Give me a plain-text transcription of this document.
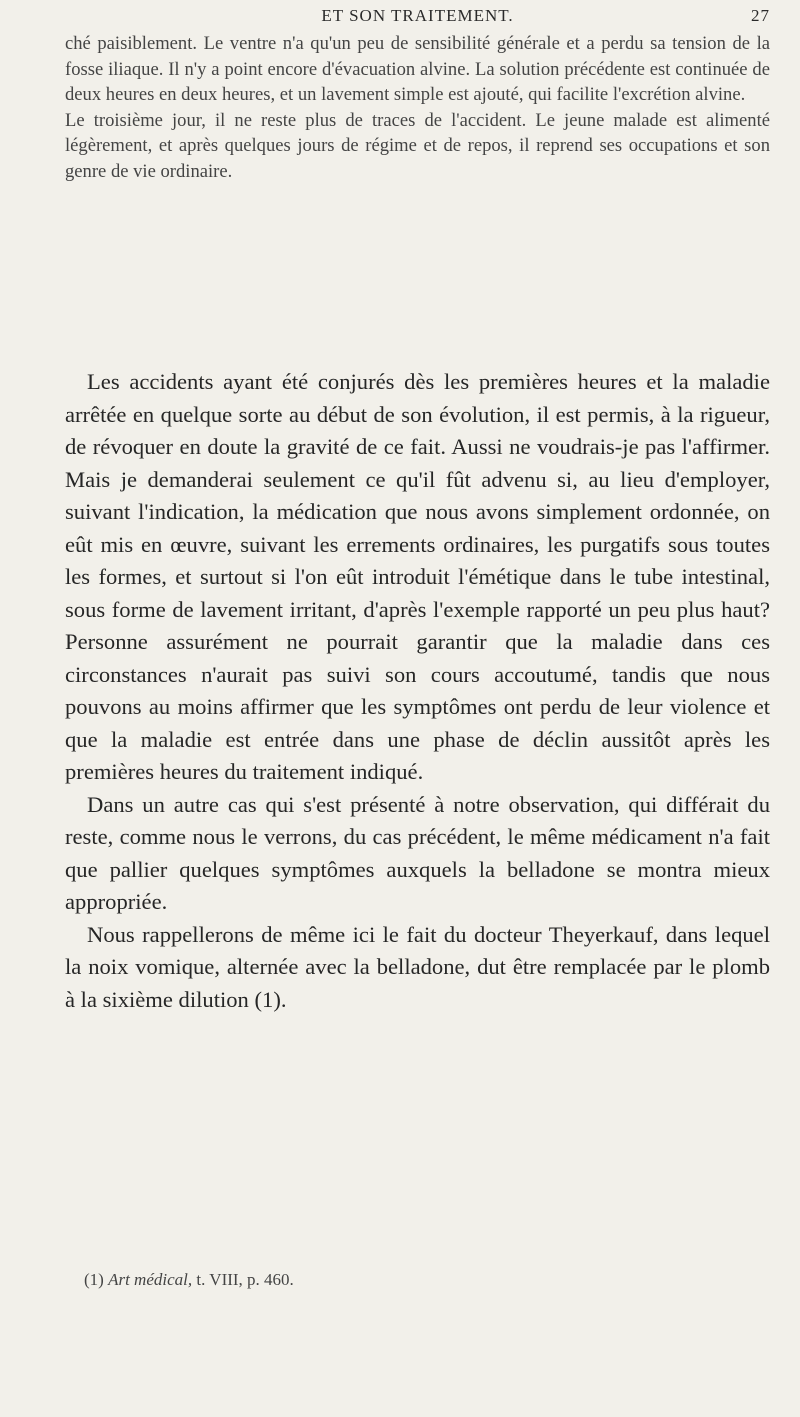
ET SON TRAITEMENT.	27

ché paisiblement. Le ventre n'a qu'un peu de sensibilité générale et a perdu sa tension de la fosse iliaque. Il n'y a point encore d'évacuation alvine. La solution précédente est continuée de deux heures en deux heures, et un lavement simple est ajouté, qui facilite l'excrétion alvine.

Le troisième jour, il ne reste plus de traces de l'accident. Le jeune malade est alimenté légèrement, et après quelques jours de régime et de repos, il reprend ses occupations et son genre de vie ordinaire.

Les accidents ayant été conjurés dès les premières heures et la maladie arrêtée en quelque sorte au début de son évolution, il est permis, à la rigueur, de révoquer en doute la gravité de ce fait. Aussi ne voudrais-je pas l'affirmer. Mais je demanderai seulement ce qu'il fût advenu si, au lieu d'employer, suivant l'indication, la médication que nous avons simplement ordonnée, on eût mis en œuvre, suivant les errements ordinaires, les purgatifs sous toutes les formes, et surtout si l'on eût introduit l'émétique dans le tube intestinal, sous forme de lavement irritant, d'après l'exemple rapporté un peu plus haut? Personne assurément ne pourrait garantir que la maladie dans ces circonstances n'aurait pas suivi son cours accoutumé, tandis que nous pouvons au moins affirmer que les symptômes ont perdu de leur violence et que la maladie est entrée dans une phase de déclin aussitôt après les premières heures du traitement indiqué.

Dans un autre cas qui s'est présenté à notre observation, qui différait du reste, comme nous le verrons, du cas précédent, le même médicament n'a fait que pallier quelques symptômes auxquels la belladone se montra mieux appropriée.

Nous rappellerons de même ici le fait du docteur Theyerkauf, dans lequel la noix vomique, alternée avec la belladone, dut être remplacée par le plomb à la sixième dilution (1).

(1) Art médical, t. VIII, p. 460.
